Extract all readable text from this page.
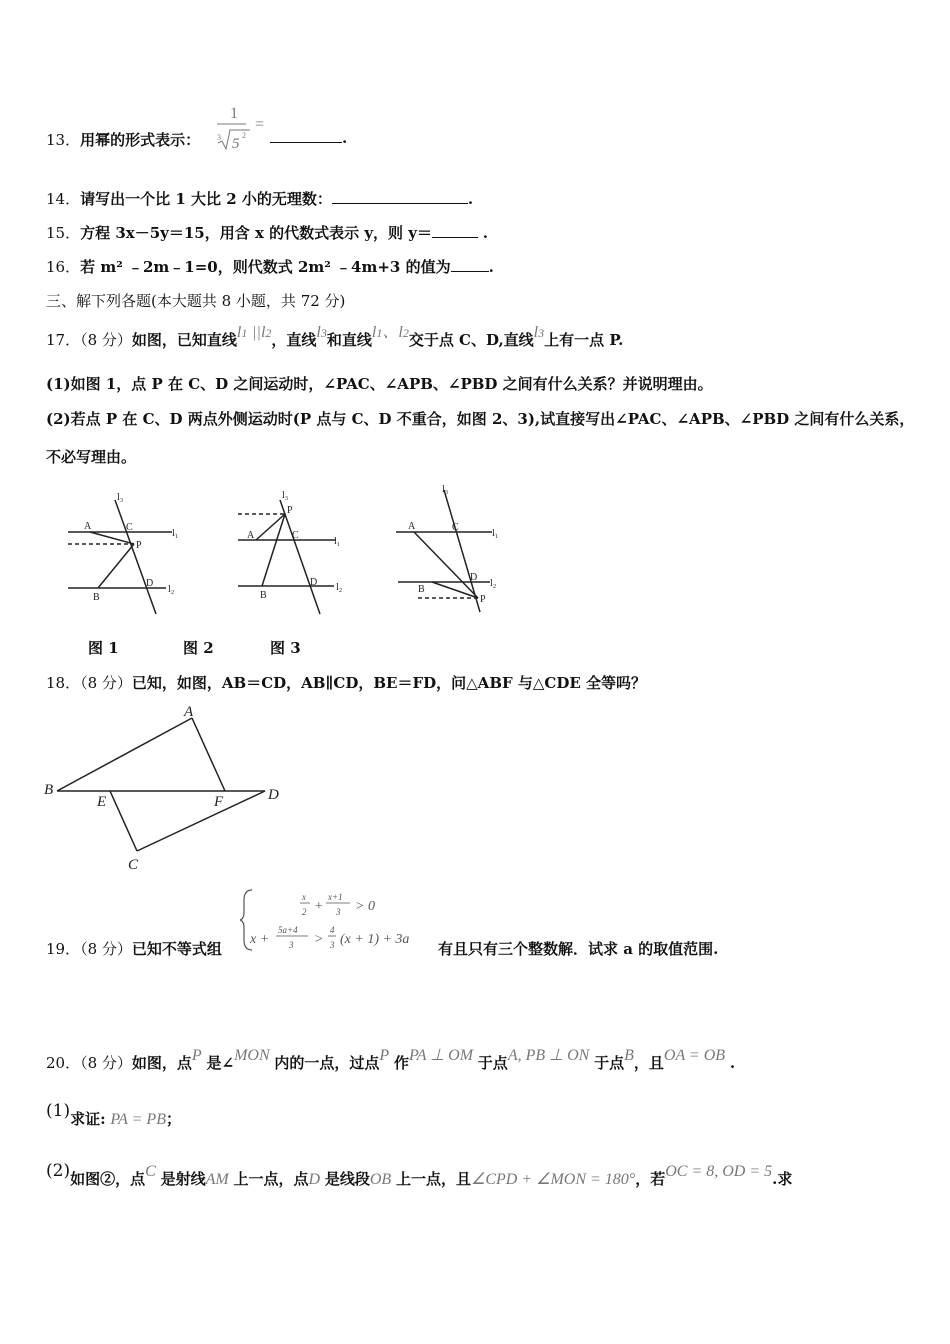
13．用幂的形式表示：
1
3 5
2
=
.
14．请写出一个比 1 大比 2 小的无理数：	.
15．方程 3x－5y＝15，用含 x 的代数式表示 y，则 y＝	.
16．若 m² ﹣2m﹣1=0，则代数式 2m² ﹣4m+3 的值为	.
三、解下列各题(本大题共 8 小题，共 72 分)
17．（8 分）如图，已知直线l1 ||l2，直线l3和直线l1、l2交于点 C、D,直线l3上有一点 P.
(1)如图 1，点 P 在 C、D 之间运动时，∠PAC、∠APB、∠PBD 之间有什么关系？并说明理由。
(2)若点 P 在 C、D 两点外侧运动时(P 点与 C、D 不重合，如图 2、3),试直接写出∠PAC、∠APB、∠PBD 之间有什么关系，
不必写理由。
l₃
l₁
l₂
A	C
P
D
B
l₃
l₁
l₂
P
A	C
D
B
l₃
l₁
l₂
A	C
D
B
P
图 1	图 2	图 3
18．（8 分）已知，如图，AB＝CD，AB∥CD，BE＝FD，问△ABF 与△CDE 全等吗？
A
B
E	F	D
C
19．（8 分）已知不等式组
x
2 +
x+1
3 > 0
x +
5a+4
3 >
4
3 (x + 1) + 3a
有且只有三个整数解．试求 a 的取值范围.
20．（8 分）如图，点P 是∠MON 内的一点，过点P 作PA ⊥ OM 于点A, PB ⊥ ON 于点B，且OA = OB .
(1)求证: PA = PB；
(2)如图②，点C 是射线AM 上一点，点D 是线段OB 上一点，且∠CPD + ∠MON = 180°，若OC = 8, OD = 5.求
